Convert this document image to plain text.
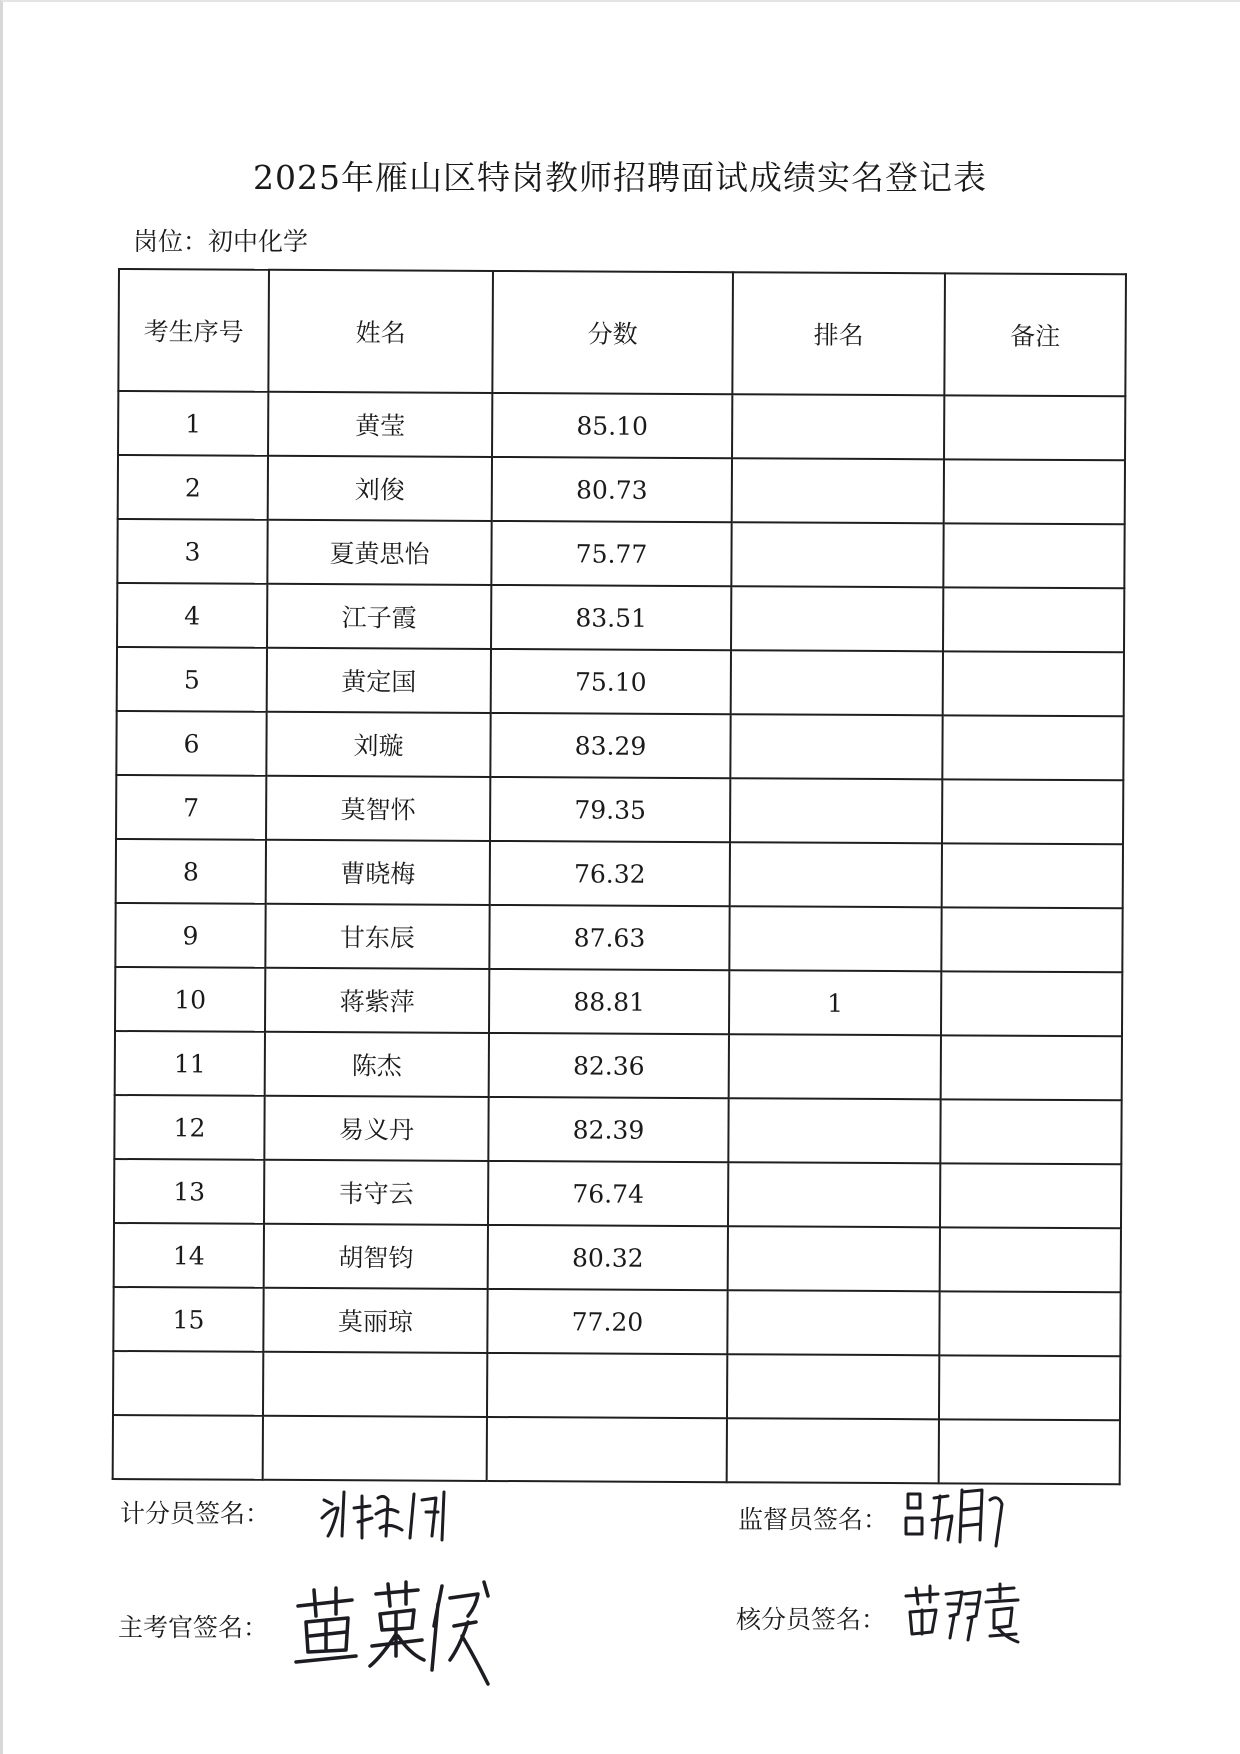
2025年雁山区特岗教师招聘面试成绩实名登记表
岗位：初中化学
考生序号	姓名	分数	排名	备注
1	黄莹	85.10		
2	刘俊	80.73		
3	夏黄思怡	75.77		
4	江子霞	83.51		
5	黄定国	75.10		
6	刘璇	83.29		
7	莫智怀	79.35		
8	曹晓梅	76.32		
9	甘东辰	87.63		
10	蒋紫萍	88.81	1	
11	陈杰	82.36		
12	易义丹	82.39		
13	韦守云	76.74		
14	胡智钧	80.32		
15	莫丽琼	77.20		

计分员签名：	监督员签名：
主考官签名：	核分员签名：
